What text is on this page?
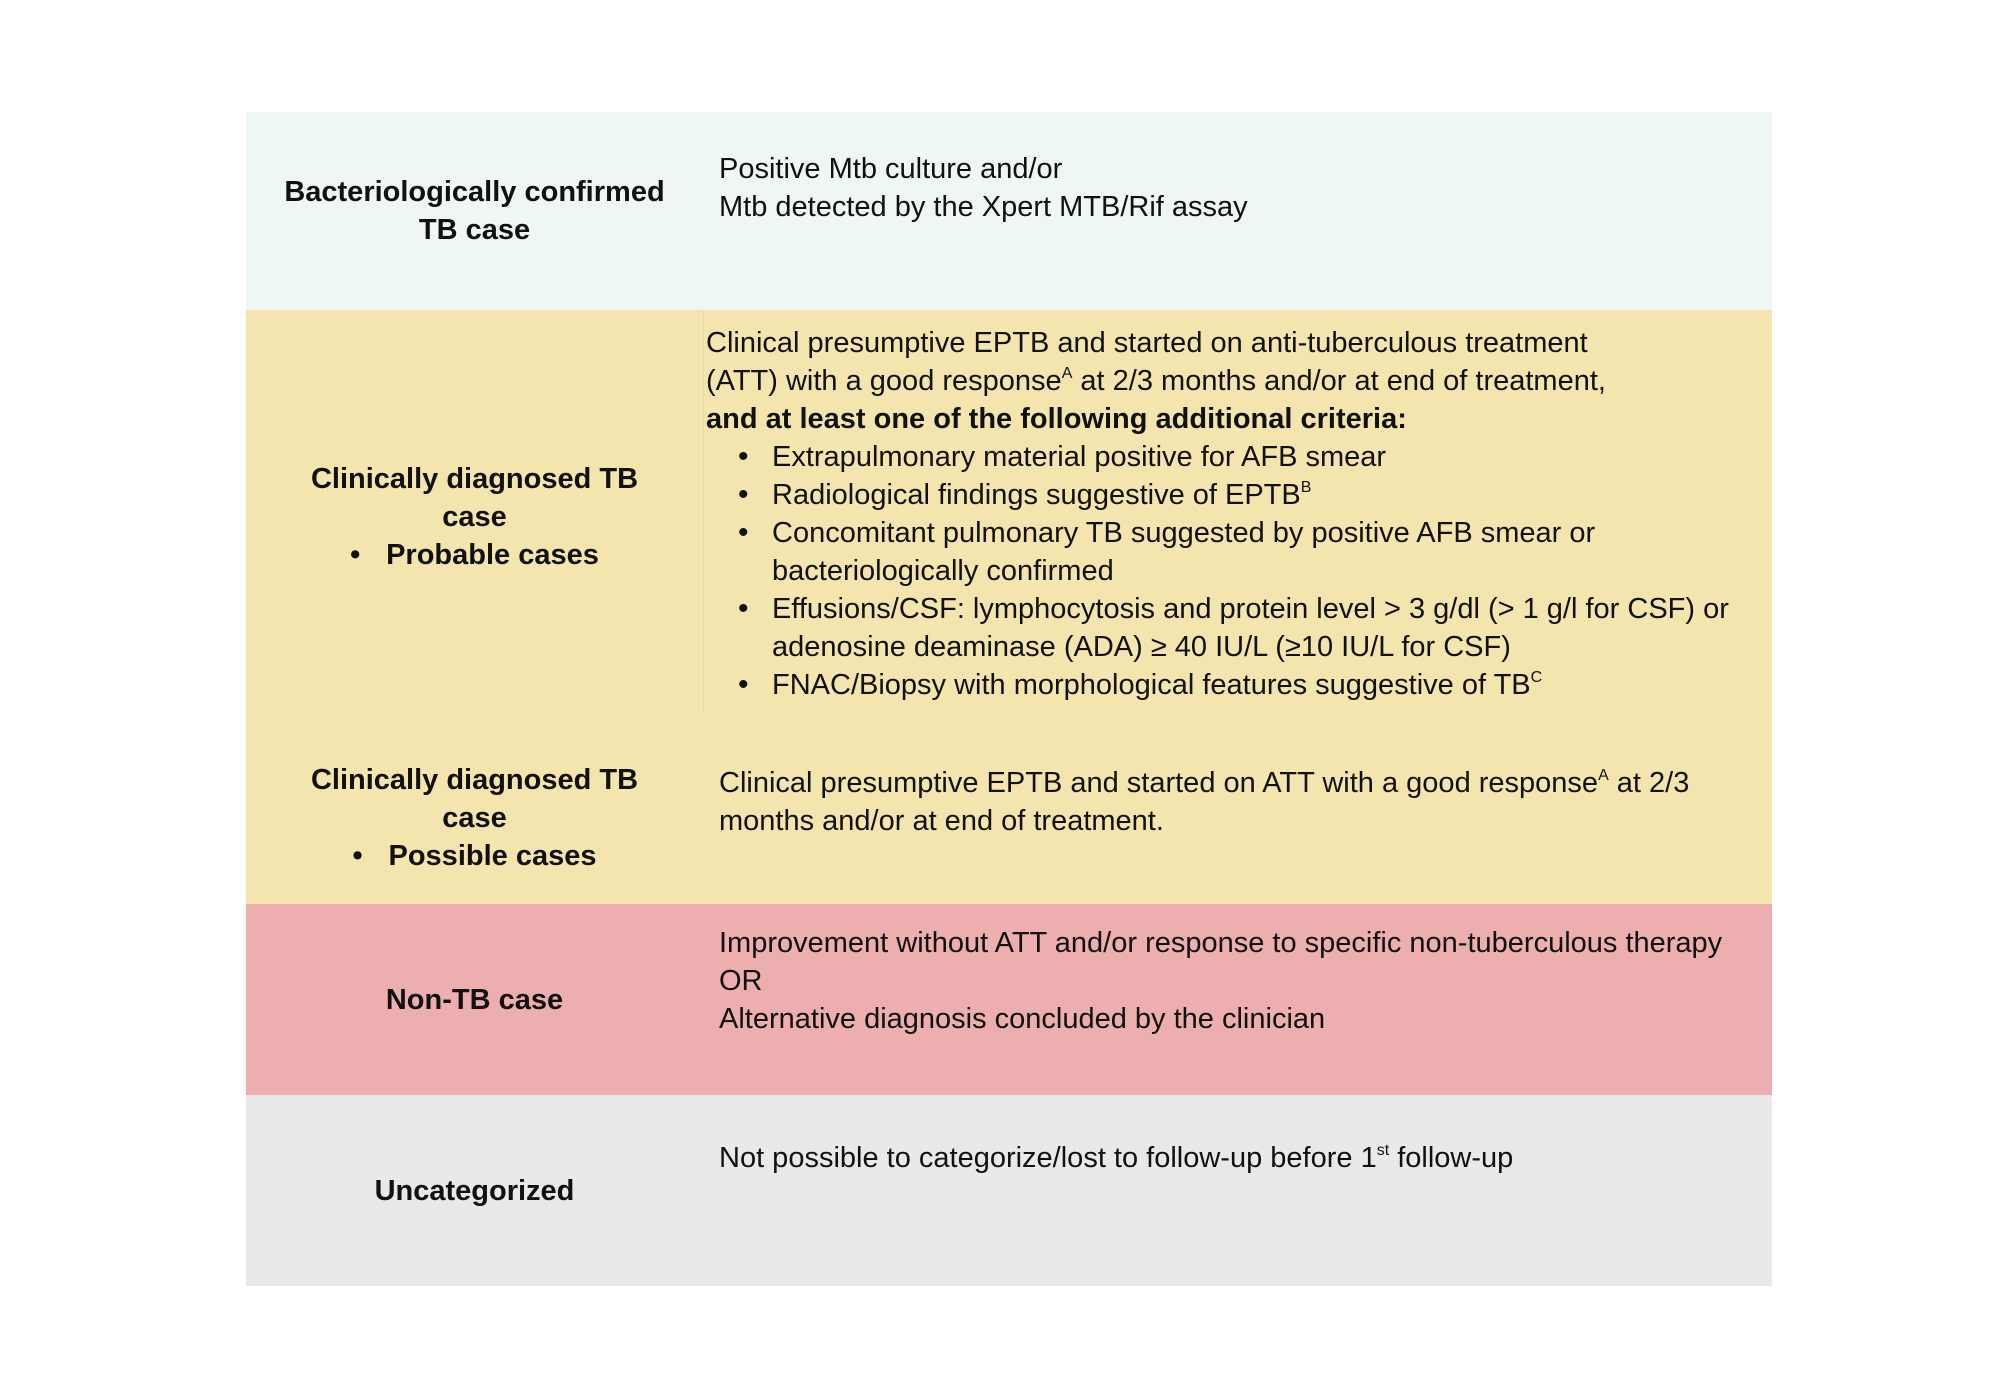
Bacteriologically confirmed
TB case
Positive Mtb culture and/or
Mtb detected by the Xpert MTB/Rif assay
Clinically diagnosed TB
case
• Probable cases
Clinical presumptive EPTB and started on anti-tuberculous treatment
(ATT) with a good response$^A$ at 2/3 months and/or at end of treatment,
and at least one of the following additional criteria:
• Extrapulmonary material positive for AFB smear
• Radiological findings suggestive of $EPTB^B$
• Concomitant pulmonary TB suggested by positive AFB smear or bacteriologically confirmed
• Effusions/CSF: lymphocytosis and protein level > 3 g/dl (> 1 g/l for CSF) or adenosine deaminase (ADA) ≥ 40 IU/L (≥10 IU/L for CSF)
• FNAC/Biopsy with morphological features suggestive of $TB^C$
Clinically diagnosed TB
case
• Possible cases
Clinical presumptive EPTB and started on ATT with a good response$^A$ at 2/3 months and/or at end of treatment.
Non-TB case
Improvement without ATT and/or response to specific non-tuberculous therapy
OR
Alternative diagnosis concluded by the clinician
Uncategorized
Not possible to categorize/lost to follow-up before 1st follow-up
